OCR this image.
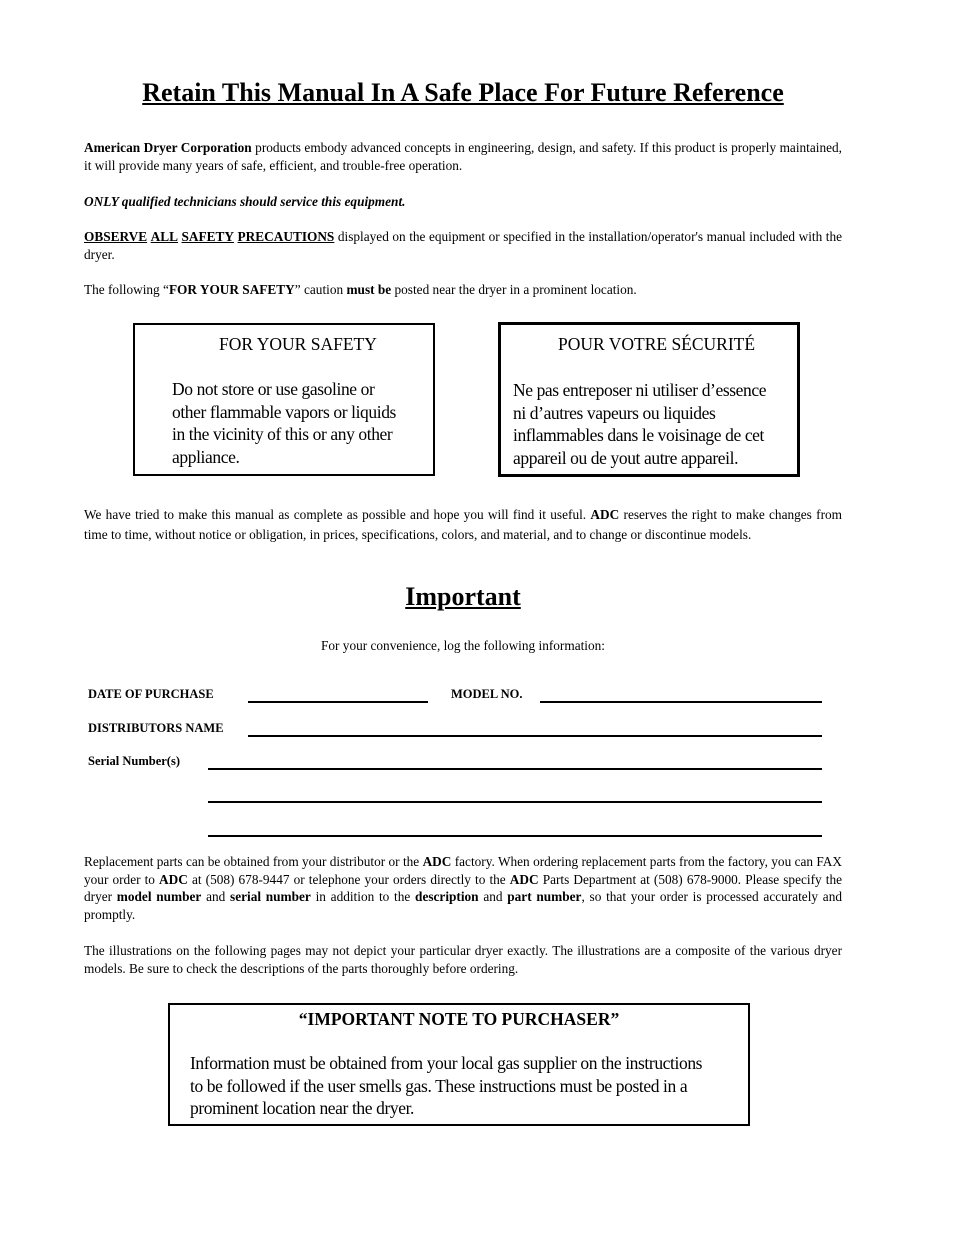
Retain This Manual In A Safe Place For Future Reference
American Dryer Corporation products embody advanced concepts in engineering, design, and safety. If this product is properly maintained, it will provide many years of safe, efficient, and trouble-free operation.
ONLY qualified technicians should service this equipment.
OBSERVE ALL SAFETY PRECAUTIONS displayed on the equipment or specified in the installation/operator's manual included with the dryer.
The following “FOR YOUR SAFETY” caution must be posted near the dryer in a prominent location.
FOR YOUR SAFETY
Do not store or use gasoline or
other flammable vapors or liquids
in the vicinity of this or any other
appliance.
POUR VOTRE SÉCURITÉ
Ne pas entreposer ni utiliser d’essence
ni d’autres vapeurs ou liquides
inflammables dans le voisinage de cet
appareil ou de yout autre appareil.
We have tried to make this manual as complete as possible and hope you will find it useful. ADC reserves the right to make changes from time to time, without notice or obligation, in prices, specifications, colors, and material, and to change or discontinue models.
Important
For your convenience, log the following information:
DATE OF PURCHASE	MODEL NO.
DISTRIBUTORS NAME
Serial Number(s)
Replacement parts can be obtained from your distributor or the ADC factory. When ordering replacement parts from the factory, you can FAX your order to ADC at (508) 678-9447 or telephone your orders directly to the ADC Parts Department at (508) 678-9000. Please specify the dryer model number and serial number in addition to the description and part number, so that your order is processed accurately and promptly.
The illustrations on the following pages may not depict your particular dryer exactly. The illustrations are a composite of the various dryer models. Be sure to check the descriptions of the parts thoroughly before ordering.
“IMPORTANT NOTE TO PURCHASER”
Information must be obtained from your local gas supplier on the instructions
to be followed if the user smells gas. These instructions must be posted in a
prominent location near the dryer.
